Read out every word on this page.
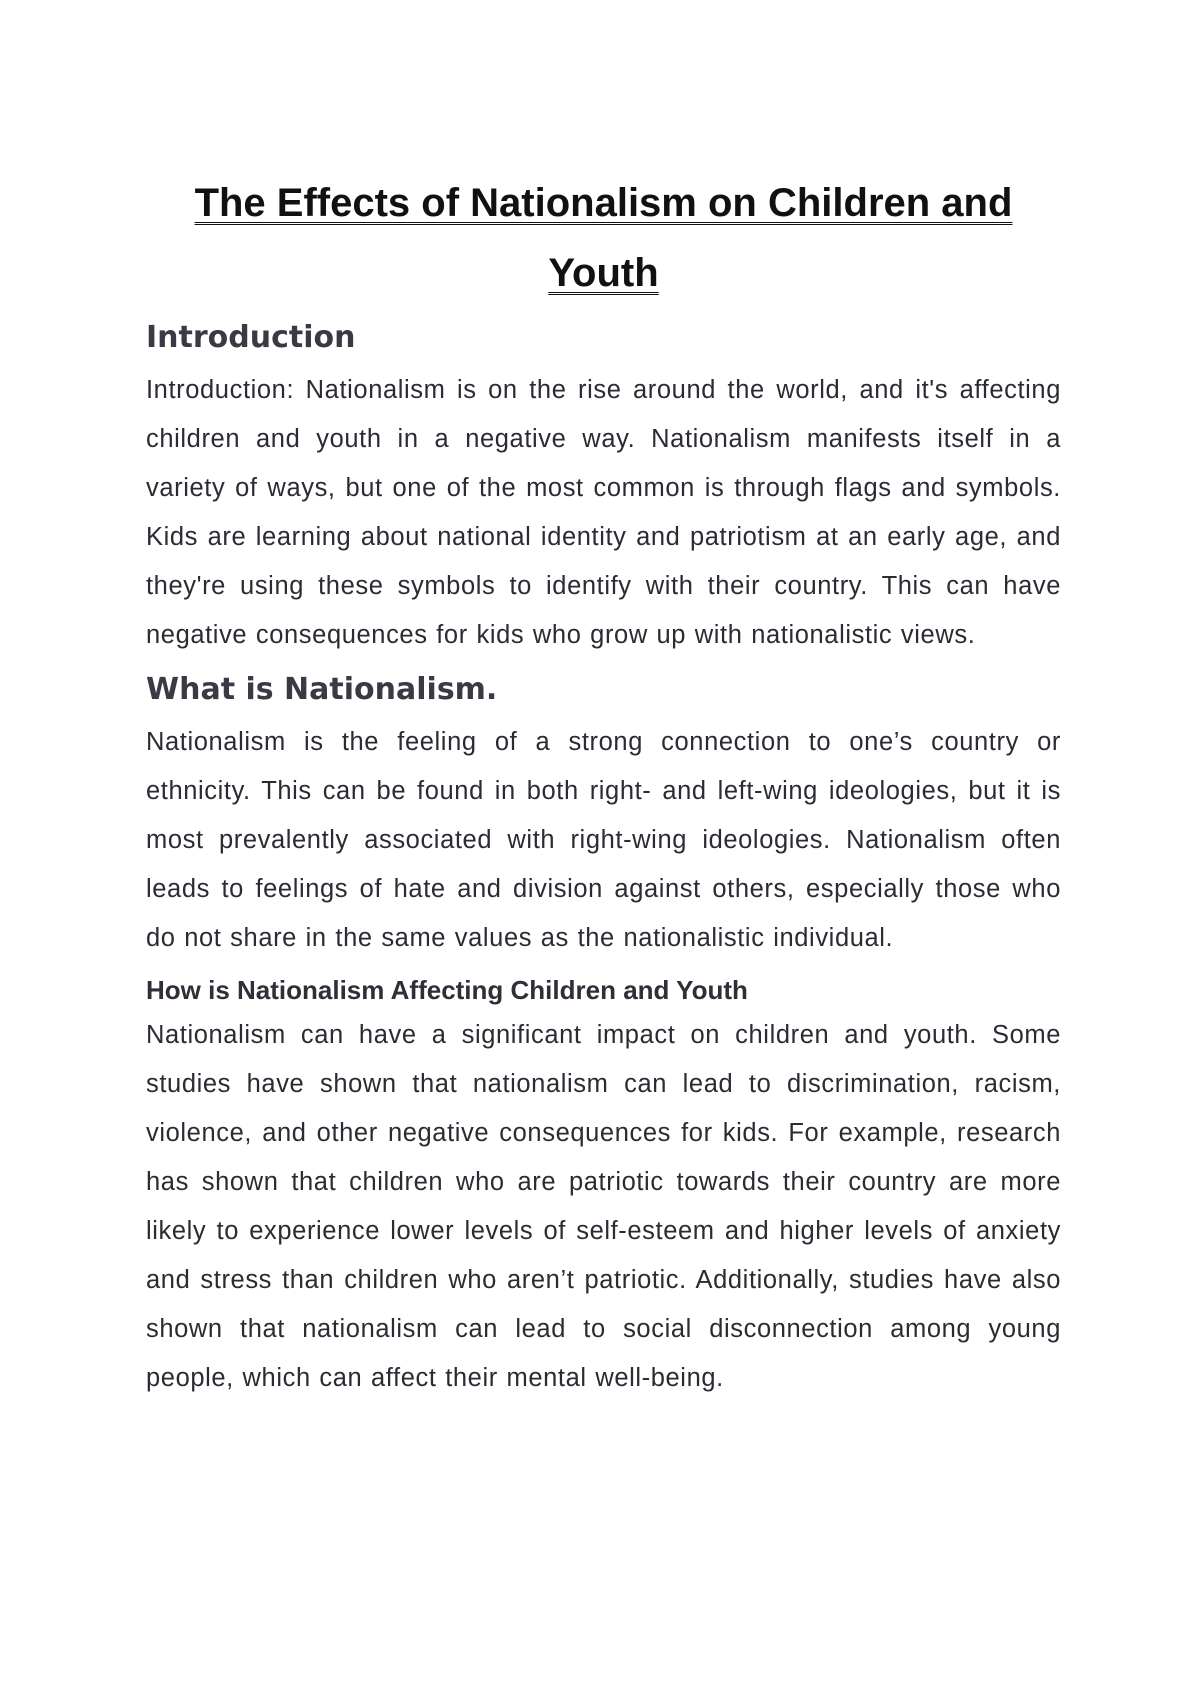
The Effects of Nationalism on Children and Youth
Introduction

Introduction: Nationalism is on the rise around the world, and it's affecting children and youth in a negative way. Nationalism manifests itself in a variety of ways, but one of the most common is through flags and symbols. Kids are learning about national identity and patriotism at an early age, and they're using these symbols to identify with their country. This can have negative consequences for kids who grow up with nationalistic views.

What is Nationalism.

Nationalism is the feeling of a strong connection to one’s country or ethnicity. This can be found in both right- and left-wing ideologies, but it is most prevalently associated with right-wing ideologies. Nationalism often leads to feelings of hate and division against others, especially those who do not share in the same values as the nationalistic individual.

How is Nationalism Affecting Children and Youth

Nationalism can have a significant impact on children and youth. Some studies have shown that nationalism can lead to discrimination, racism, violence, and other negative consequences for kids. For example, research has shown that children who are patriotic towards their country are more likely to experience lower levels of self-esteem and higher levels of anxiety and stress than children who aren’t patriotic. Additionally, studies have also shown that nationalism can lead to social disconnection among young people, which can affect their mental well-being.
